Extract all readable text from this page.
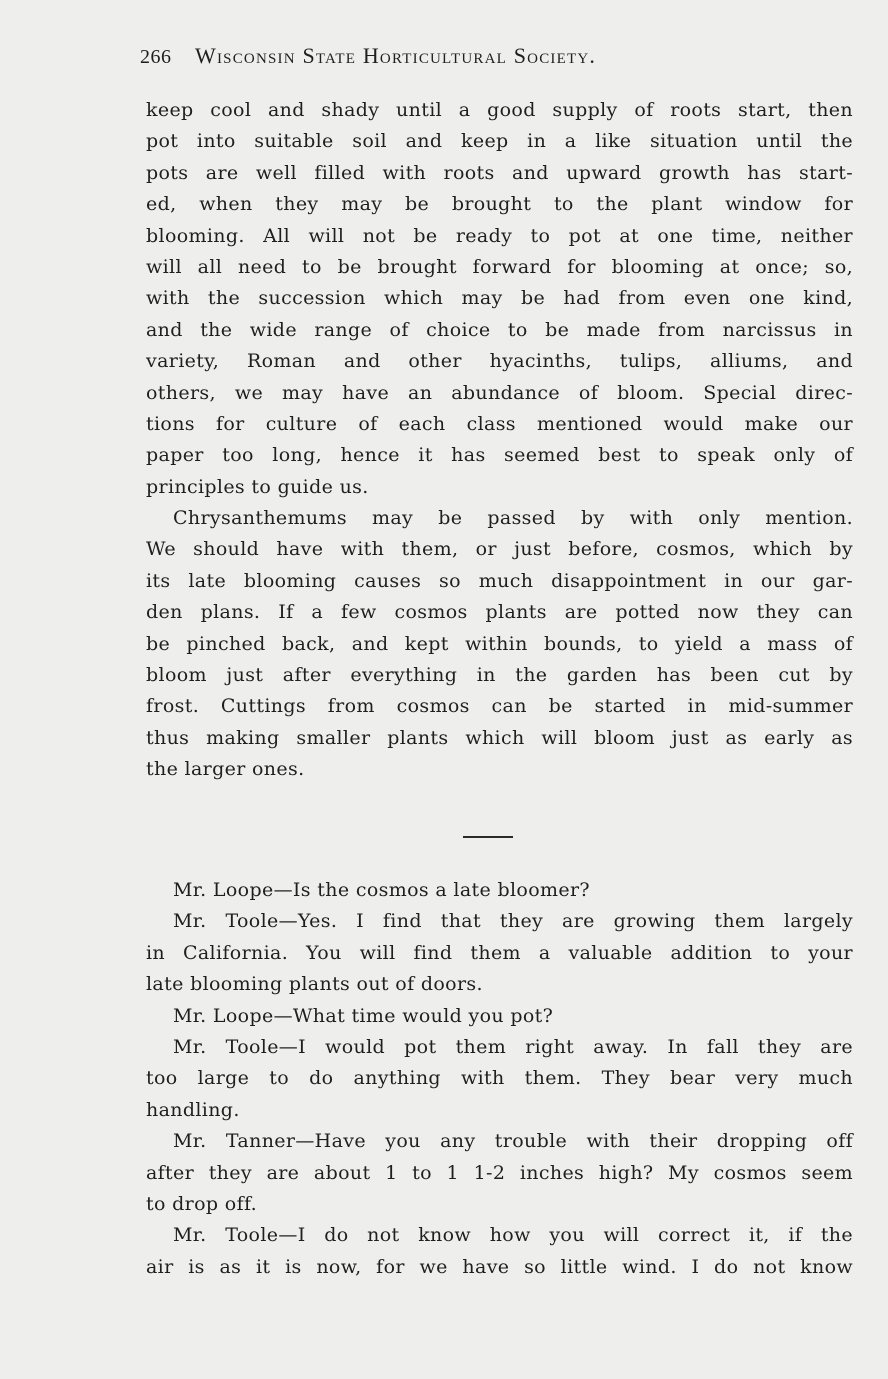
266 Wisconsin State Horticultural Society.
keep cool and shady until a good supply of roots start, then
pot into suitable soil and keep in a like situation until the
pots are well filled with roots and upward growth has start-
ed, when they may be brought to the plant window for
blooming. All will not be ready to pot at one time, neither
will all need to be brought forward for blooming at once; so,
with the succession which may be had from even one kind,
and the wide range of choice to be made from narcissus in
variety, Roman and other hyacinths, tulips, alliums, and
others, we may have an abundance of bloom. Special direc-
tions for culture of each class mentioned would make our
paper too long, hence it has seemed best to speak only of
principles to guide us.
Chrysanthemums may be passed by with only mention.
We should have with them, or just before, cosmos, which by
its late blooming causes so much disappointment in our gar-
den plans. If a few cosmos plants are potted now they can
be pinched back, and kept within bounds, to yield a mass of
bloom just after everything in the garden has been cut by
frost. Cuttings from cosmos can be started in mid-summer
thus making smaller plants which will bloom just as early as
the larger ones.
Mr. Loope—Is the cosmos a late bloomer?
Mr. Toole—Yes. I find that they are growing them largely
in California. You will find them a valuable addition to your
late blooming plants out of doors.
Mr. Loope—What time would you pot?
Mr. Toole—I would pot them right away. In fall they are
too large to do anything with them. They bear very much
handling.
Mr. Tanner—Have you any trouble with their dropping off
after they are about 1 to 1 1-2 inches high? My cosmos seem
to drop off.
Mr. Toole—I do not know how you will correct it, if the
air is as it is now, for we have so little wind. I do not know
